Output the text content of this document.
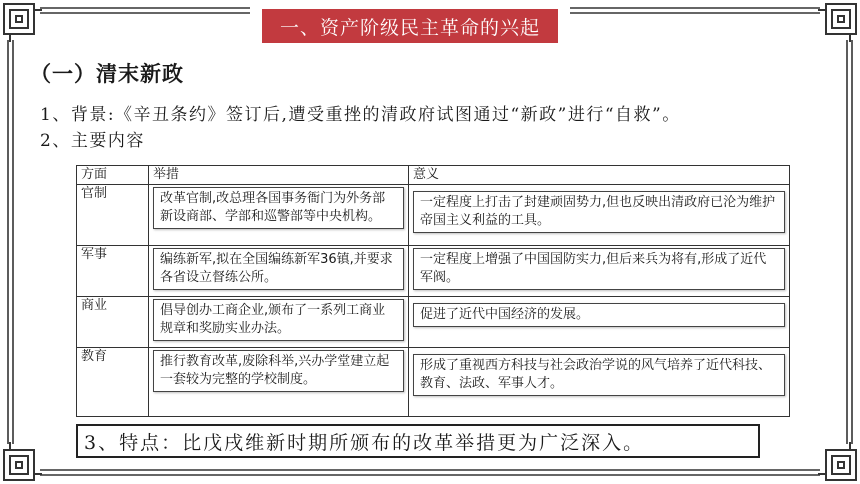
一、资产阶级民主革命的兴起
（一）清末新政
1、背景:《辛丑条约》签订后,遭受重挫的清政府试图通过“新政”进行“自救”。
2、主要内容
方面	举措	意义
官制	改革官制,改总理各国事务衙门为外务部新设商部、学部和巡警部等中央机构。	一定程度上打击了封建顽固势力,但也反映出清政府已沦为维护帝国主义利益的工具。

军事	编练新军,拟在全国编练新军36镇,并要求各省设立督练公所。	一定程度上增强了中国国防实力,但后来兵为将有,形成了近代军阀。

商业	倡导创办工商企业,颁布了一系列工商业规章和奖励实业办法。	促进了近代中国经济的发展。

教育	推行教育改革,废除科举,兴办学堂建立起一套较为完整的学校制度。	形成了重视西方科技与社会政治学说的风气培养了近代科技、教育、法政、军事人才。
3、特点：比戊戌维新时期所颁布的改革举措更为广泛深入。
